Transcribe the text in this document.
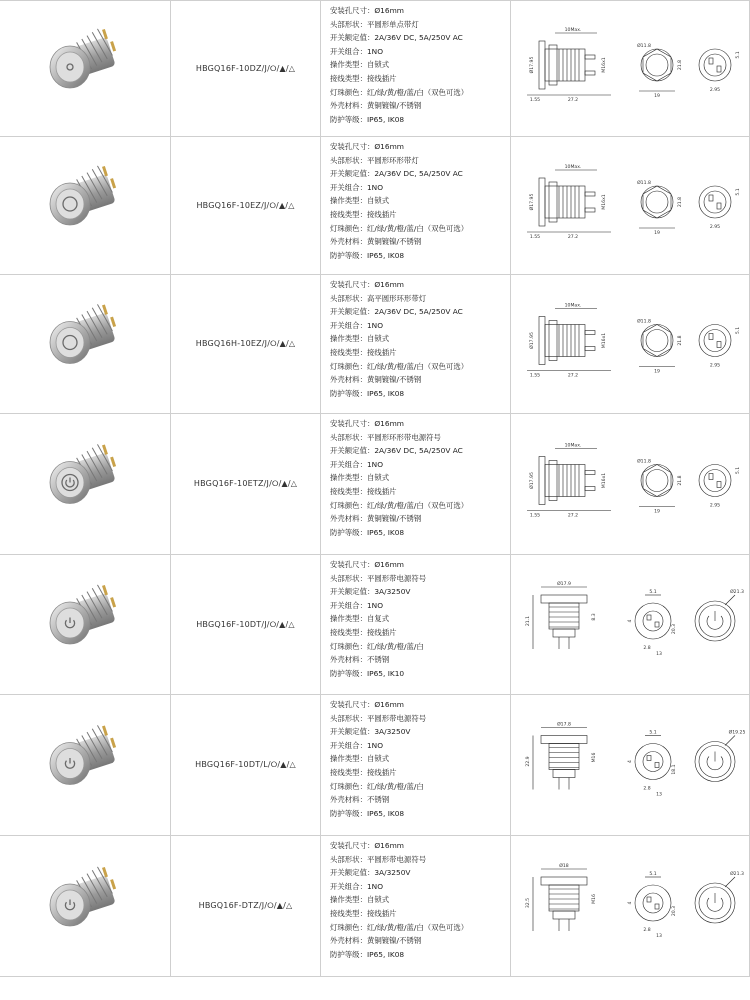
HBGQ16F-10DZ/J/⭘/▲/△
安装孔尺寸：Ø16mm
头部形状：平圆形单点带灯
开关额定值：2A/36V DC, 5A/250V AC
开关组合：1NO
操作类型：自锁式
接线类型：接线插片
灯珠颜色：红/绿/黄/橙/蓝/白（双色可选）
外壳材料：黄铜镀镍/不锈钢
防护等级：IP65, IK08
10Max.
Ø17.95
1.55	27.2
M16x1
Ø11.8
19
21.8
2.95
5.1
HBGQ16F-10EZ/J/⭘/▲/△
安装孔尺寸：Ø16mm
头部形状：平圆形环形带灯
开关额定值：2A/36V DC, 5A/250V AC
开关组合：1NO
操作类型：自锁式
接线类型：接线插片
灯珠颜色：红/绿/黄/橙/蓝/白（双色可选）
外壳材料：黄铜镀镍/不锈钢
防护等级：IP65, IK08
10Max.
Ø17.95
1.55	27.2
M16x1
Ø11.8
19
21.8
2.95
5.1
HBGQ16H-10EZ/J/⭘/▲/△
安装孔尺寸：Ø16mm
头部形状：高平圆形环形带灯
开关额定值：2A/36V DC, 5A/250V AC
开关组合：1NO
操作类型：自锁式
接线类型：接线插片
灯珠颜色：红/绿/黄/橙/蓝/白（双色可选）
外壳材料：黄铜镀镍/不锈钢
防护等级：IP65, IK08
10Max.
Ø17.95
1.55	27.2
M16x1
Ø11.8
19
21.8
2.95
5.1
HBGQ16F-10ETZ/J/⭘/▲/△
安装孔尺寸：Ø16mm
头部形状：平圆形环形带电源符号
开关额定值：2A/36V DC, 5A/250V AC
开关组合：1NO
操作类型：自锁式
接线类型：接线插片
灯珠颜色：红/绿/黄/橙/蓝/白（双色可选）
外壳材料：黄铜镀镍/不锈钢
防护等级：IP65, IK08
10Max.
Ø17.95
1.55	27.2
M16x1
Ø11.8
19
21.8
2.95
5.1
HBGQ16F-10DT/J/⭘/▲/△
安装孔尺寸：Ø16mm
头部形状：平圆形带电源符号
开关额定值：3A/3250V
开关组合：1NO
操作类型：自复式
接线类型：接线插片
灯珠颜色：红/绿/黄/橙/蓝/白
外壳材料：不锈钢
防护等级：IP65, IK10
Ø17.9
21.1	8.3
5.1
20.3
2.8
13
4
Ø21.3
HBGQ16F-10DT/L/⭘/▲/△
安装孔尺寸：Ø16mm
头部形状：平圆形带电源符号
开关额定值：3A/3250V
开关组合：1NO
操作类型：自锁式
接线类型：接线插片
灯珠颜色：红/绿/黄/橙/蓝/白
外壳材料：不锈钢
防护等级：IP65, IK08
Ø17.8
22.9	M16
5.1
18.1
2.8
13
4
Ø19.25
HBGQ16F-DTZ/J/⭘/▲/△
安装孔尺寸：Ø16mm
头部形状：平圆形带电源符号
开关额定值：3A/3250V
开关组合：1NO
操作类型：自锁式
接线类型：接线插片
灯珠颜色：红/绿/黄/橙/蓝/白（双色可选）
外壳材料：黄铜镀镍/不锈钢
防护等级：IP65, IK08
Ø18
32.5	M16
5.1
20.3
2.8
13
4
Ø21.3
